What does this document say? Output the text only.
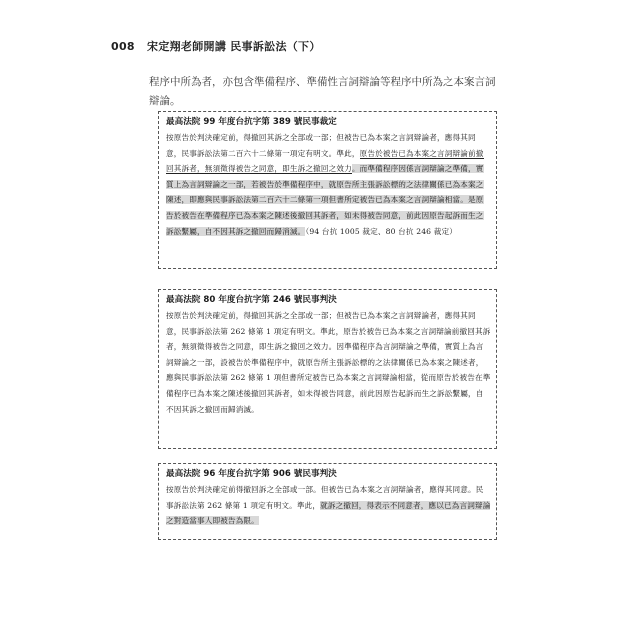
008 宋定翔老師開講 民事訴訟法（下）
程序中所為者，亦包含準備程序、準備性言詞辯論等程序中所為之本案言詞辯論。
最高法院 99 年度台抗字第 389 號民事裁定
按原告於判決確定前，得撤回其訴之全部或一部；但被告已為本案之言詞辯論者，應得其同意，民事訴訟法第二百六十二條第一項定有明文。準此，原告於被告已為本案之言詞辯論前撤回其訴者，無須徵得被告之同意，即生訴之撤回之效力。而準備程序因係言詞辯論之準備，實質上為言詞辯論之一部，若被告於準備程序中，就原告所主張訴訟標的之法律關係已為本案之陳述，即應與民事訴訟法第二百六十二條第一項但書所定被告已為本案之言詞辯論相當。是原告於被告在準備程序已為本案之陳述後撤回其訴者，如未得被告同意，前此因原告起訴而生之訴訟繫屬，自不因其訴之撤回而歸消滅。（94 台抗 1005 裁定、80 台抗 246 裁定）
最高法院 80 年度台抗字第 246 號民事判決
按原告於判決確定前，得撤回其訴之全部或一部；但被告已為本案之言詞辯論者，應得其同意，民事訴訟法第 262 條第 1 項定有明文。準此，原告於被告已為本案之言詞辯論前撤回其訴者，無須徵得被告之同意，即生訴之撤回之效力。因準備程序為言詞辯論之準備，實質上為言詞辯論之一部，設被告於準備程序中，就原告所主張訴訟標的之法律關係已為本案之陳述者，應與民事訴訟法第 262 條第 1 項但書所定被告已為本案之言詞辯論相當，從而原告於被告在準備程序已為本案之陳述後撤回其訴者，如未得被告同意，前此因原告起訴而生之訴訟繫屬，自不因其訴之撤回而歸消滅。
最高法院 96 年度台抗字第 906 號民事判決
按原告於判決確定前得撤回訴之全部或一部。但被告已為本案之言詞辯論者，應得其同意。民事訴訟法第 262 條第 1 項定有明文。準此，就訴之撤回，得表示不同意者，應以已為言詞辯論之對造當事人即被告為限。
